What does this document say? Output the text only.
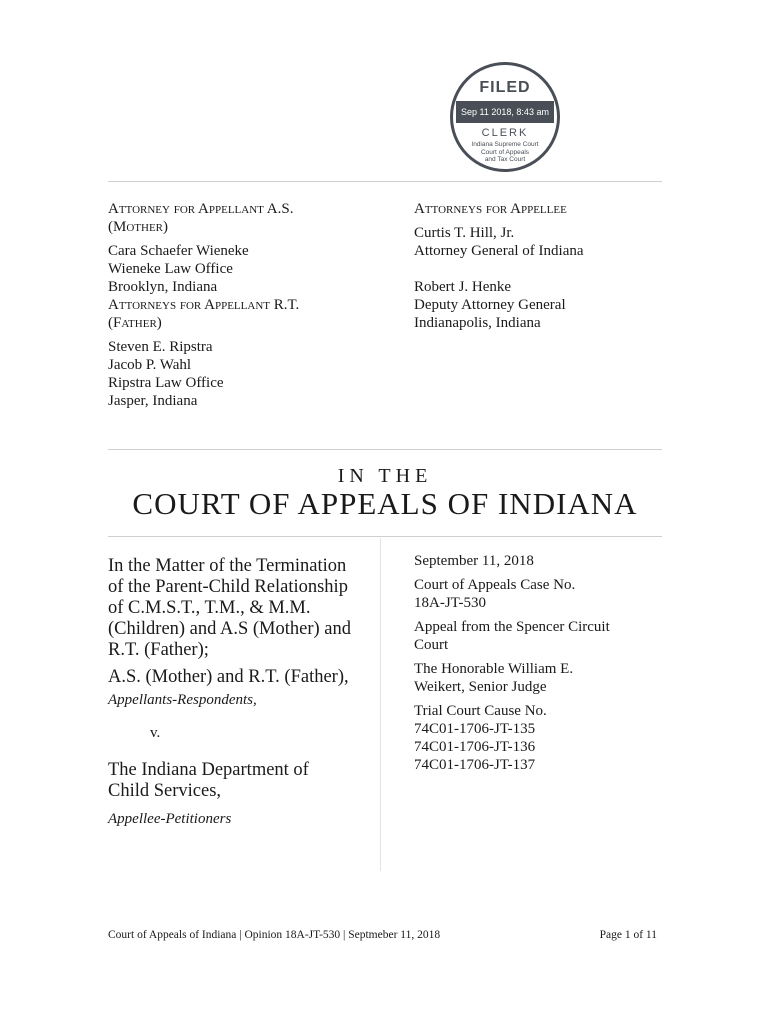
FILED
Sep 11 2018, 8:43 am
CLERK
Indiana Supreme Court
Court of Appeals
and Tax Court

Attorney for Appellant A.S.

(Mother)

Cara Schaefer Wieneke

Wieneke Law Office

Brooklyn, Indiana

Attorneys for Appellant R.T.

(Father)

Steven E. Ripstra

Jacob P. Wahl

Ripstra Law Office

Jasper, Indiana

Attorneys for Appellee

Curtis T. Hill, Jr.

Attorney General of Indiana

Robert J. Henke

Deputy Attorney General

Indianapolis, Indiana

IN THE
COURT OF APPEALS OF INDIANA

In the Matter of the Termination

of the Parent-Child Relationship

of C.M.S.T., T.M., & M.M.

(Children) and A.S (Mother) and

R.T. (Father);

A.S. (Mother) and R.T. (Father),

Appellants-Respondents,

v.

The Indiana Department of

Child Services,

Appellee-Petitioners

September 11, 2018

Court of Appeals Case No.

18A-JT-530

Appeal from the Spencer Circuit

Court

The Honorable William E.

Weikert, Senior Judge

Trial Court Cause No.

74C01-1706-JT-135

74C01-1706-JT-136

74C01-1706-JT-137

Court of Appeals of Indiana | Opinion 18A-JT-530 | Septmeber 11, 2018	Page 1 of 11
